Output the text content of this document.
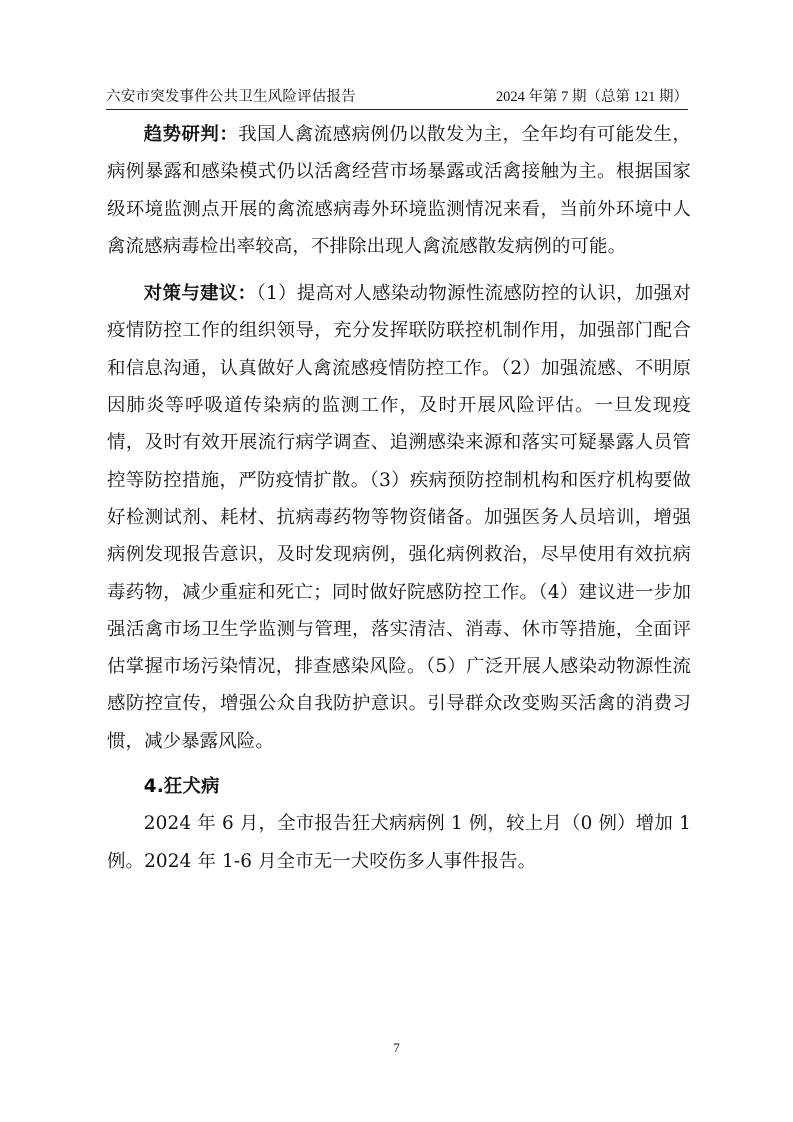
六安市突发事件公共卫生风险评估报告	2024 年第 7 期（总第 121 期）

趋势研判：我国人禽流感病例仍以散发为主，全年均有可能发生，病例暴露和感染模式仍以活禽经营市场暴露或活禽接触为主。根据国家级环境监测点开展的禽流感病毒外环境监测情况来看，当前外环境中人禽流感病毒检出率较高，不排除出现人禽流感散发病例的可能。

对策与建议：（1）提高对人感染动物源性流感防控的认识，加强对疫情防控工作的组织领导，充分发挥联防联控机制作用，加强部门配合和信息沟通，认真做好人禽流感疫情防控工作。（2）加强流感、不明原因肺炎等呼吸道传染病的监测工作，及时开展风险评估。一旦发现疫情，及时有效开展流行病学调查、追溯感染来源和落实可疑暴露人员管控等防控措施，严防疫情扩散。（3）疾病预防控制机构和医疗机构要做好检测试剂、耗材、抗病毒药物等物资储备。加强医务人员培训，增强病例发现报告意识，及时发现病例，强化病例救治，尽早使用有效抗病毒药物，减少重症和死亡；同时做好院感防控工作。（4）建议进一步加强活禽市场卫生学监测与管理，落实清洁、消毒、休市等措施，全面评估掌握市场污染情况，排查感染风险。（5）广泛开展人感染动物源性流感防控宣传，增强公众自我防护意识。引导群众改变购买活禽的消费习惯，减少暴露风险。

4.狂犬病

2024 年 6 月，全市报告狂犬病病例 1 例，较上月（0 例）增加 1 例。2024 年 1-6 月全市无一犬咬伤多人事件报告。

7
